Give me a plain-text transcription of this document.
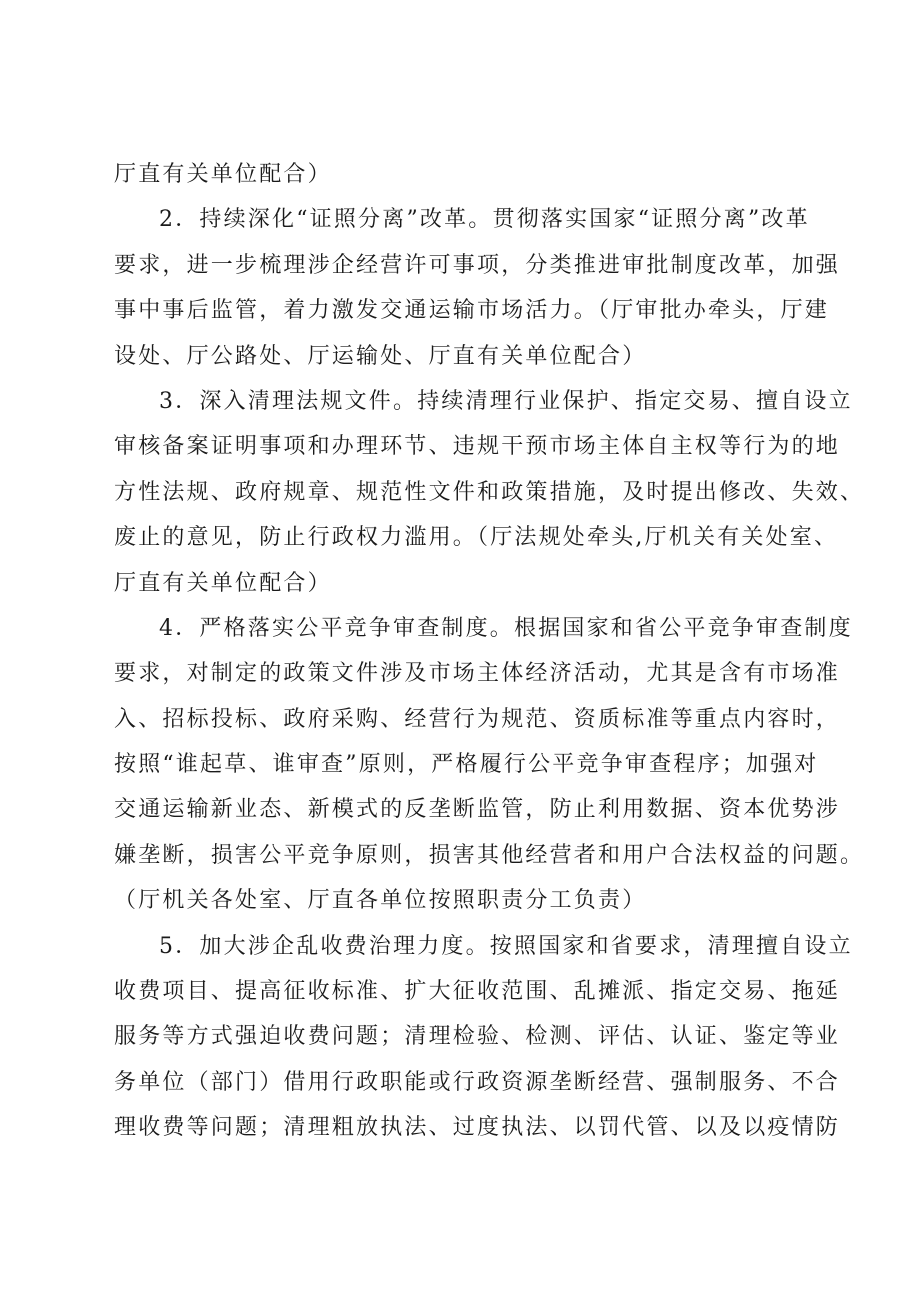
厅直有关单位配合）
2．持续深化“证照分离”改革。贯彻落实国家“证照分离”改革
要求，进一步梳理涉企经营许可事项，分类推进审批制度改革，加强
事中事后监管，着力激发交通运输市场活力。（厅审批办牵头，厅建
设处、厅公路处、厅运输处、厅直有关单位配合）
3．深入清理法规文件。持续清理行业保护、指定交易、擅自设立
审核备案证明事项和办理环节、违规干预市场主体自主权等行为的地
方性法规、政府规章、规范性文件和政策措施，及时提出修改、失效、
废止的意见，防止行政权力滥用。（厅法规处牵头,厅机关有关处室、
厅直有关单位配合）
4．严格落实公平竞争审查制度。根据国家和省公平竞争审查制度
要求，对制定的政策文件涉及市场主体经济活动，尤其是含有市场准
入、招标投标、政府采购、经营行为规范、资质标准等重点内容时，
按照“谁起草、谁审查”原则，严格履行公平竞争审查程序；加强对
交通运输新业态、新模式的反垄断监管，防止利用数据、资本优势涉
嫌垄断，损害公平竞争原则，损害其他经营者和用户合法权益的问题。
（厅机关各处室、厅直各单位按照职责分工负责）
5．加大涉企乱收费治理力度。按照国家和省要求，清理擅自设立
收费项目、提高征收标准、扩大征收范围、乱摊派、指定交易、拖延
服务等方式强迫收费问题；清理检验、检测、评估、认证、鉴定等业
务单位（部门）借用行政职能或行政资源垄断经营、强制服务、不合
理收费等问题；清理粗放执法、过度执法、以罚代管、以及以疫情防
